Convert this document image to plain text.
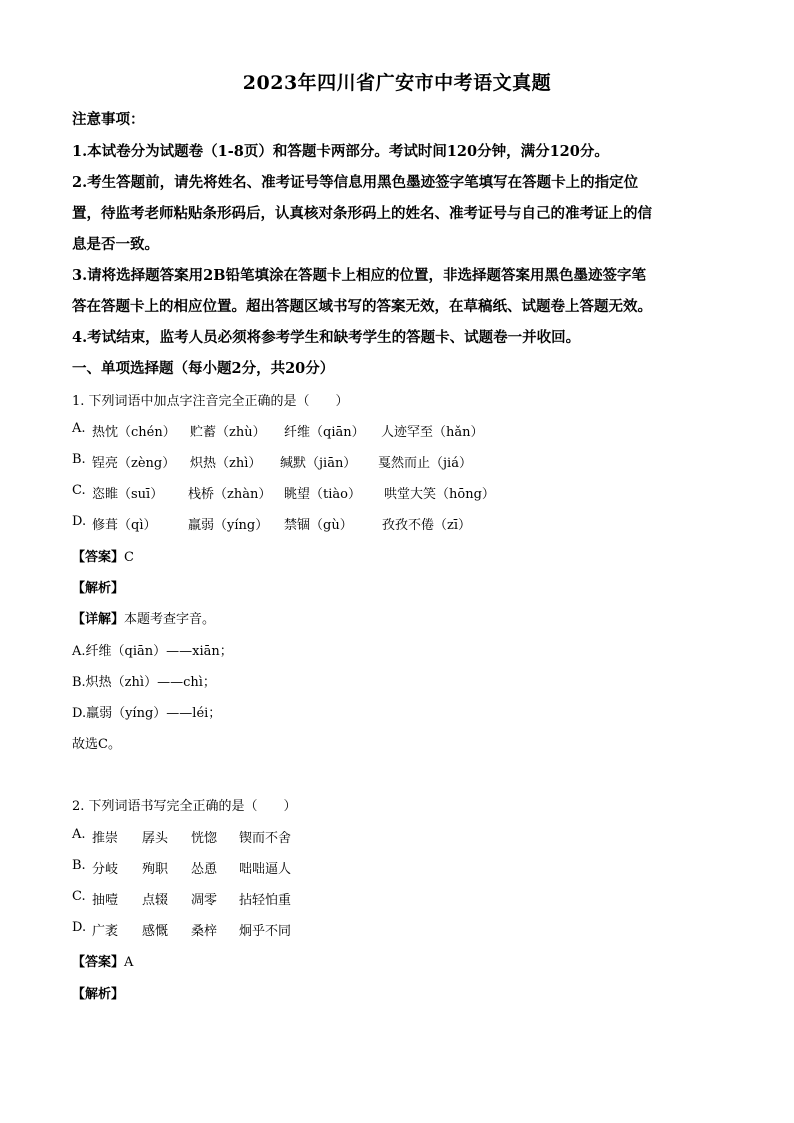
2023年四川省广安市中考语文真题
注意事项：
1.本试卷分为试题卷（1-8页）和答题卡两部分。考试时间120分钟，满分120分。
2.考生答题前，请先将姓名、准考证号等信息用黑色墨迹签字笔填写在答题卡上的指定位
置，待监考老师粘贴条形码后，认真核对条形码上的姓名、准考证号与自己的准考证上的信
息是否一致。
3.请将选择题答案用2B铅笔填涂在答题卡上相应的位置，非选择题答案用黑色墨迹签字笔
答在答题卡上的相应位置。超出答题区域书写的答案无效，在草稿纸、试题卷上答题无效。
4.考试结束，监考人员必须将参考学生和缺考学生的答题卡、试题卷一并收回。
一、单项选择题（每小题2分，共20分）
1. 下列词语中加点字注音完全正确的是（　　）
A. 热忱（chén） 贮蓄（zhù） 纤维（qiān） 人迹罕至（hǎn）
B. 锃亮（zèng） 炽热（zhì） 缄默（jiān） 戛然而止（jiá）
C. 恣睢（suī） 栈桥（zhàn） 眺望（tiào） 哄堂大笑（hōng）
D. 修葺（qì） 羸弱（yíng） 禁锢（gù） 孜孜不倦（zī）
【答案】C
【解析】
【详解】本题考查字音。
A.纤维（qiān）——xiān；
B.炽热（zhì）——chì；
D.羸弱（yíng）——léi；
故选C。
2. 下列词语书写完全正确的是（　　）
A. 推崇 孱头 恍惚 锲而不舍
B. 分岐 殉职 怂恿 咄咄逼人
C. 抽噎 点辍 凋零 拈轻怕重
D. 广袤 感慨 桑梓 炯乎不同
【答案】A
【解析】
